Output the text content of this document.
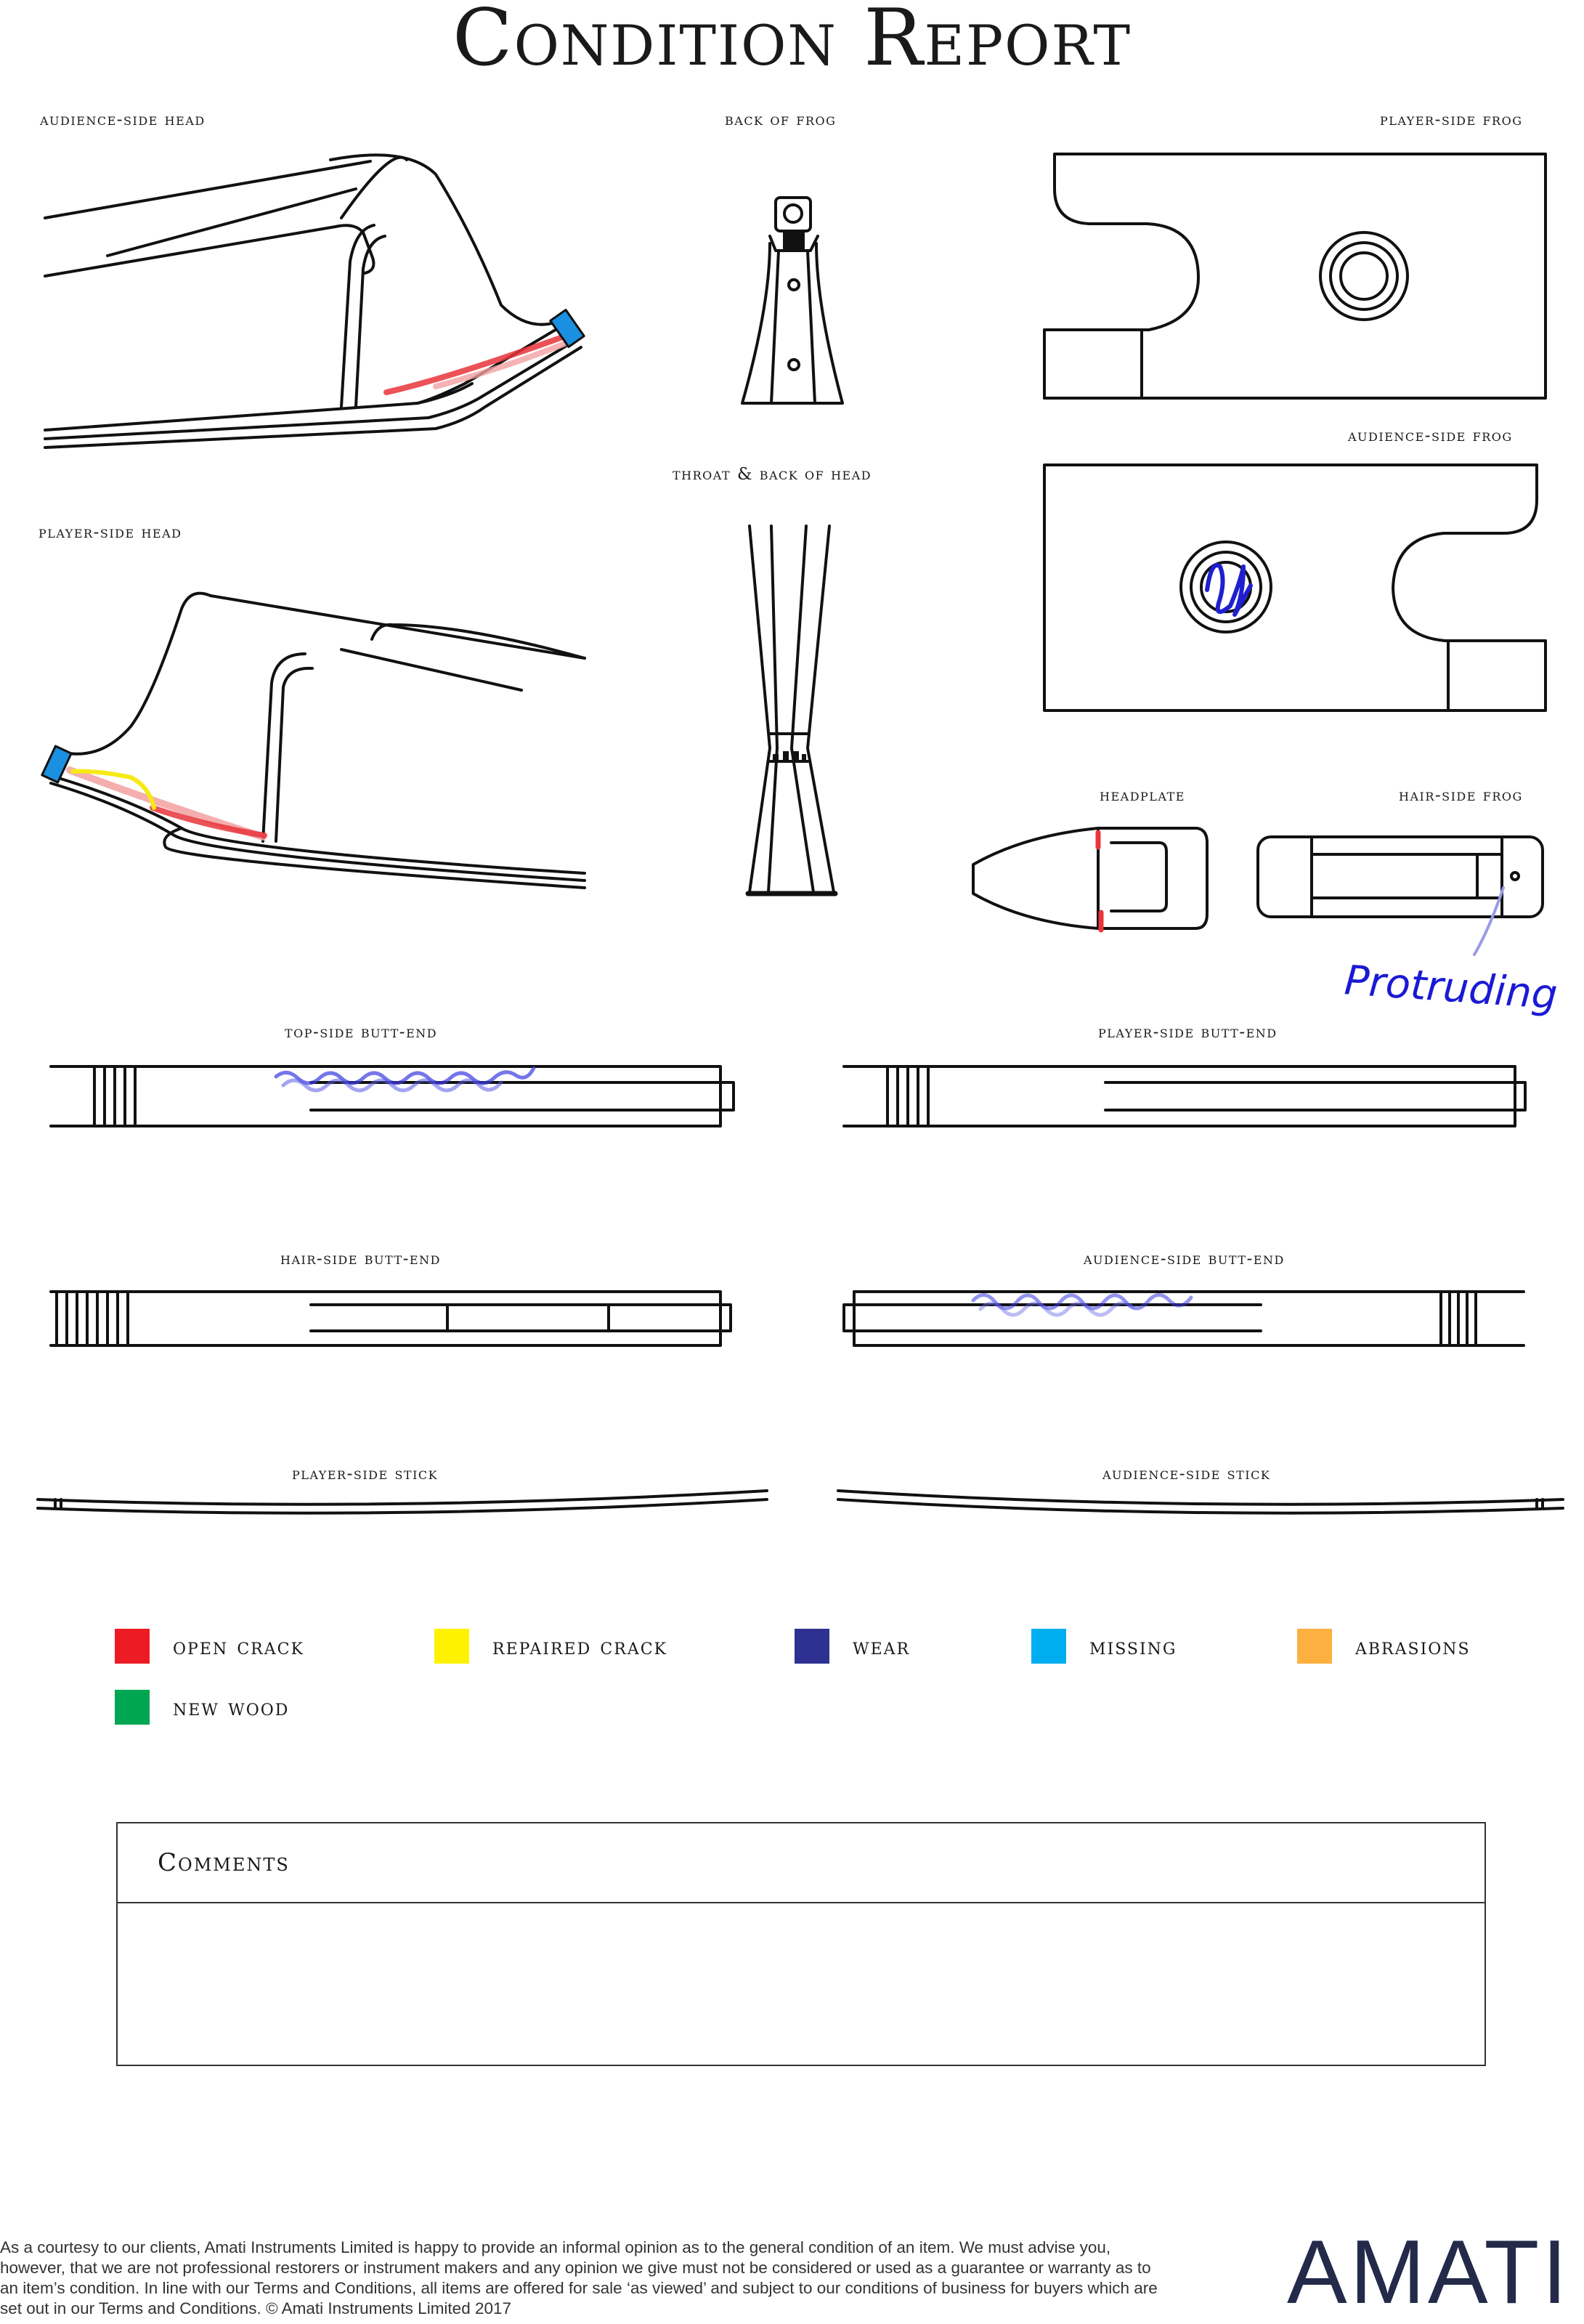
Condition Report
audience-side head	back of frog	player-side frog
audience-side frog
throat & back of head
player-side head
headplate	hair-side frog
top-side butt-end	player-side butt-end
hair-side butt-end	audience-side butt-end
player-side stick	audience-side stick
Protruding
open crack	repaired crack	wear	missing	abrasions
new wood
Comments
As a courtesy to our clients, Amati Instruments Limited is happy to provide an informal opinion as to the general condition of an item. We must advise you, however, that we are not professional restorers or instrument makers and any opinion we give must not be considered or used as a guarantee or warranty as to an item’s condition. In line with our Terms and Conditions, all items are offered for sale ‘as viewed’ and subject to our conditions of business for buyers which are set out in our Terms and Conditions. © Amati Instruments Limited 2017	AMATI
